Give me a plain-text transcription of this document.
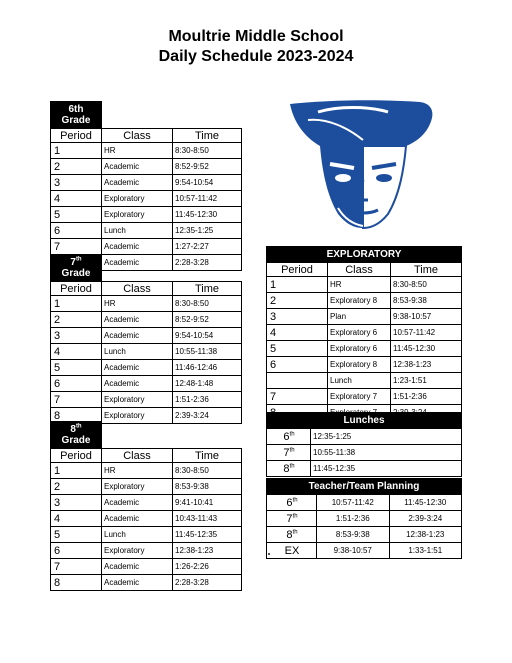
Moultrie Middle School
Daily Schedule 2023-2024
6th
Grade		

Period	Class	Time
1	HR	8:30-8:50
2	Academic	8:52-9:52
3	Academic	9:54-10:54
4	Exploratory	10:57-11:42
5	Exploratory	11:45-12:30
6	Lunch	12:35-1:25
7	Academic	1:27-2:27
	Academic	2:28-3:28
7th
Grade		

Period	Class	Time
1	HR	8:30-8:50
2	Academic	8:52-9:52
3	Academic	9:54-10:54
4	Lunch	10:55-11:38
5	Academic	11:46-12:46
6	Academic	12:48-1:48
7	Exploratory	1:51-2:36
8	Exploratory	2:39-3:24
8th
Grade		

Period	Class	Time
1	HR	8:30-8:50
2	Exploratory	8:53-9:38
3	Academic	9:41-10:41
4	Academic	10:43-11:43
5	Lunch	11:45-12:35
6	Exploratory	12:38-1:23
7	Academic	1:26-2:26
8	Academic	2:28-3:28
EXPLORATORY		
Period	Class	Time
1	HR	8:30-8:50
2	Exploratory 8	8:53-9:38
3	Plan	9:38-10:57
4	Exploratory 6	10:57-11:42
5	Exploratory 6	11:45-12:30
6	Exploratory 8	12:38-1:23
	Lunch	1:23-1:51
7	Exploratory 7	1:51-2:36

Lunches	
6th	12:35-1:25
7th	10:55-11:38
8th	11:45-12:35
Teacher/Team Planning		
6th	10:57-11:42	11:45-12:30
7th	1:51-2:36	2:39-3:24
8th	8:53-9:38	12:38-1:23
EX	9:38-10:57	1:33-1:51
